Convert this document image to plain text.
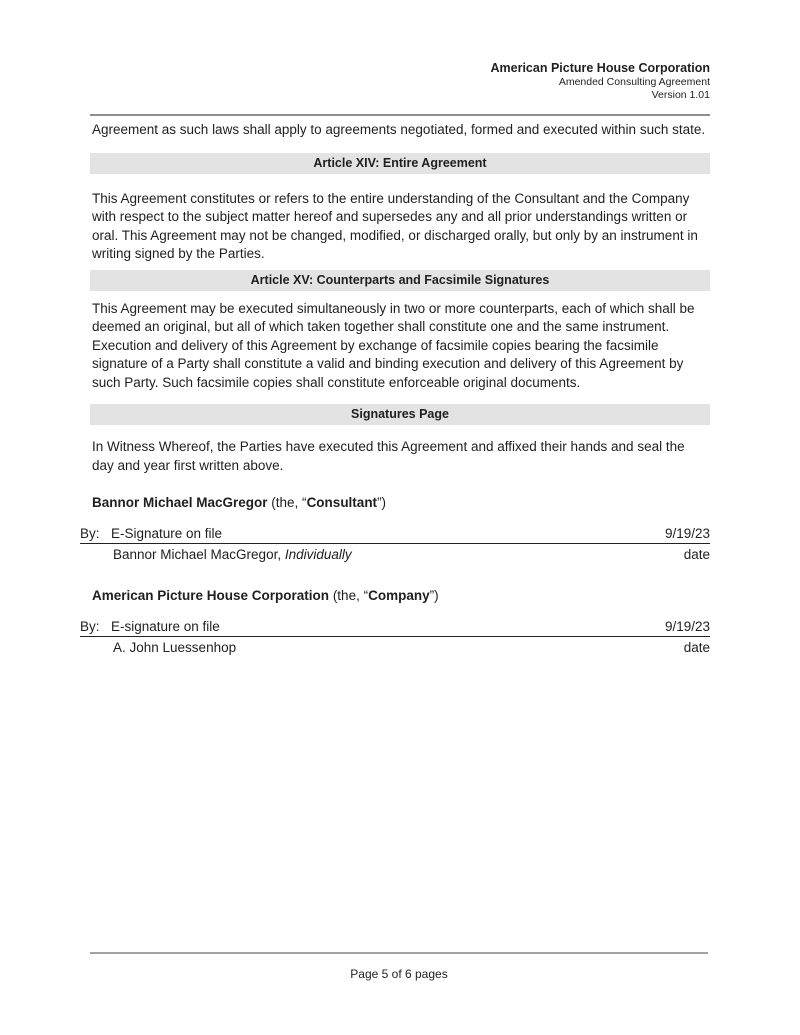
American Picture House Corporation
Amended Consulting Agreement
Version 1.01

Agreement as such laws shall apply to agreements negotiated, formed and executed within such state.

Article XIV: Entire Agreement

This Agreement constitutes or refers to the entire understanding of the Consultant and the Company with respect to the subject matter hereof and supersedes any and all prior understandings written or oral. This Agreement may not be changed, modified, or discharged orally, but only by an instrument in writing signed by the Parties.

Article XV: Counterparts and Facsimile Signatures

This Agreement may be executed simultaneously in two or more counterparts, each of which shall be deemed an original, but all of which taken together shall constitute one and the same instrument. Execution and delivery of this Agreement by exchange of facsimile copies bearing the facsimile signature of a Party shall constitute a valid and binding execution and delivery of this Agreement by such Party. Such facsimile copies shall constitute enforceable original documents.

Signatures Page

In Witness Whereof, the Parties have executed this Agreement and affixed their hands and seal the day and year first written above.

Bannor Michael MacGregor (the, “Consultant”)
By: E-Signature on file	9/19/23
Bannor Michael MacGregor, Individually	date
American Picture House Corporation (the, “Company”)
By: E-signature on file	9/19/23
A. John Luessenhop	date
Page 5 of 6 pages
